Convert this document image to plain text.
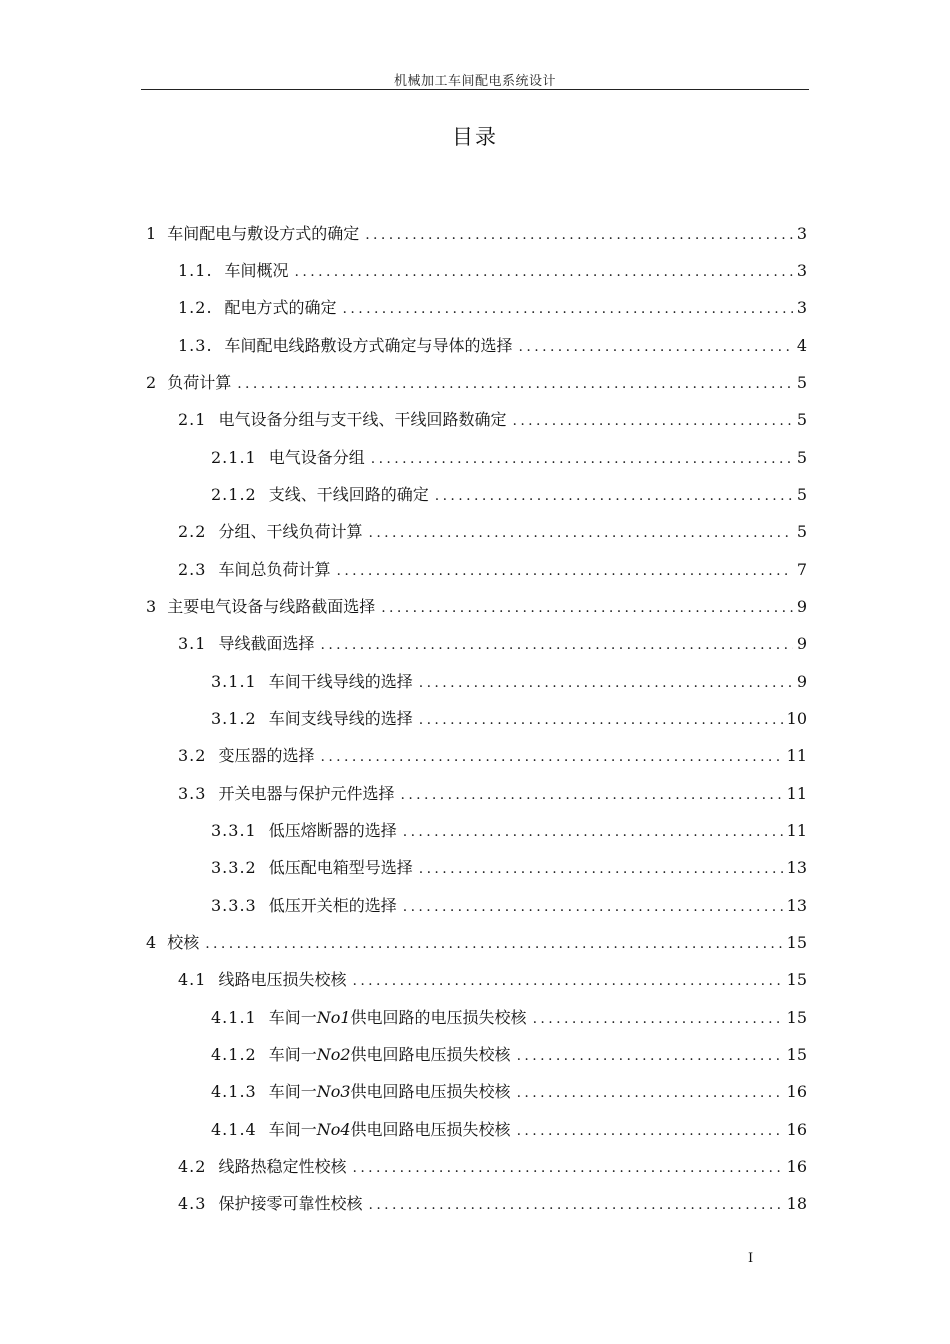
机械加工车间配电系统设计
目录
1 车间配电与敷设方式的确定 .....	3
1.1. 车间概况 .....	3
1.2. 配电方式的确定 .....	3
1.3. 车间配电线路敷设方式确定与导体的选择 .....	4
2 负荷计算 .....	5
2.1 电气设备分组与支干线、干线回路数确定 .....	5
2.1.1 电气设备分组 .....	5
2.1.2 支线、干线回路的确定 .....	5
2.2 分组、干线负荷计算 .....	5
2.3 车间总负荷计算 .....	7
3 主要电气设备与线路截面选择 .....	9
3.1 导线截面选择 .....	9
3.1.1 车间干线导线的选择 .....	9
3.1.2 车间支线导线的选择 .....	10
3.2 变压器的选择 .....	11
3.3 开关电器与保护元件选择 .....	11
3.3.1 低压熔断器的选择 .....	11
3.3.2 低压配电箱型号选择 .....	13
3.3.3 低压开关柜的选择 .....	13
4 校核 .....	15
4.1 线路电压损失校核 .....	15
4.1.1 车间一No1供电回路的电压损失校核 .....	15
4.1.2 车间一No2供电回路电压损失校核 .....	15
4.1.3 车间一No3供电回路电压损失校核 .....	16
4.1.4 车间一No4供电回路电压损失校核 .....	16
4.2 线路热稳定性校核 .....	16
4.3 保护接零可靠性校核 .....	18
I
